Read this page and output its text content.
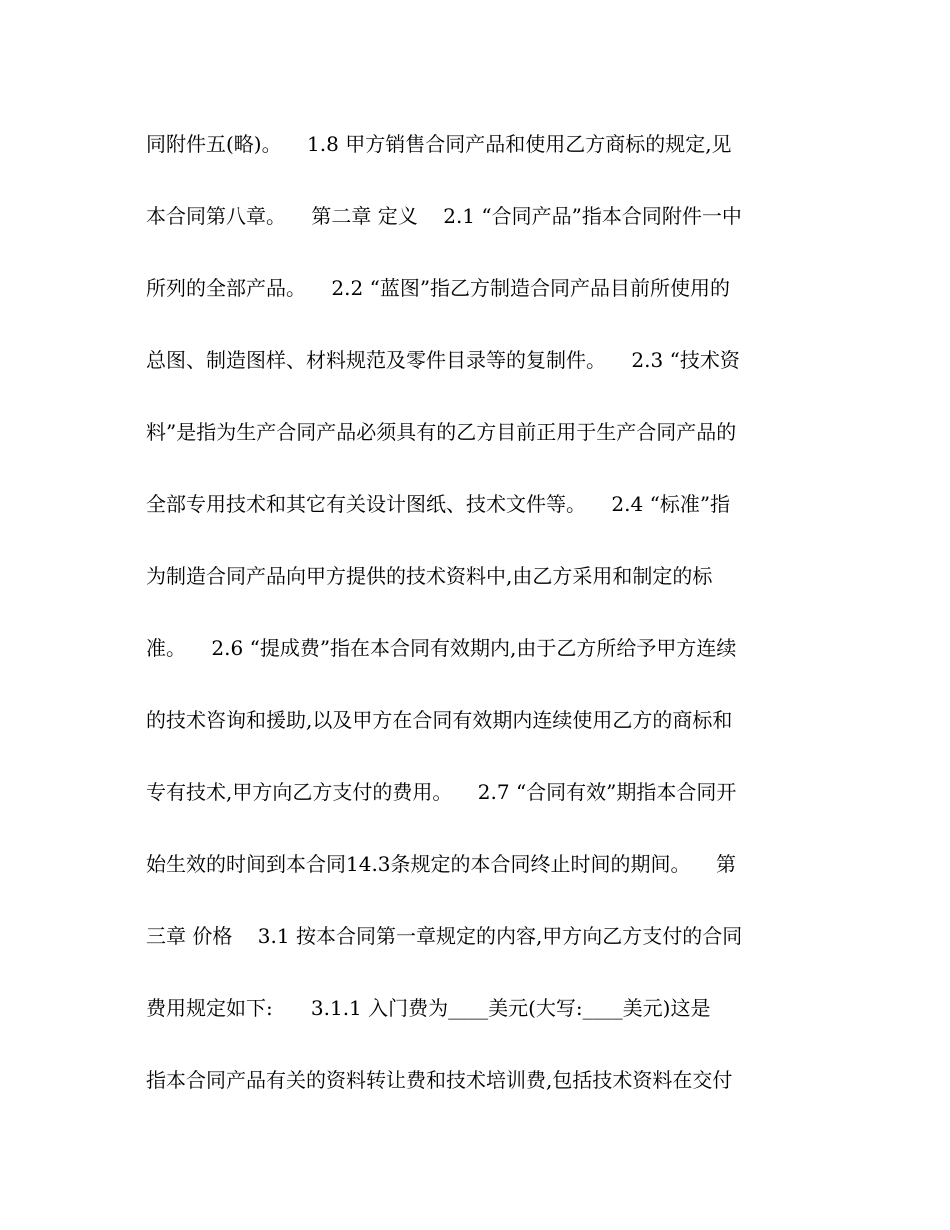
同附件五(略)。    1.8 甲方销售合同产品和使用乙方商标的规定,见
本合同第八章。    第二章 定义    2.1 “合同产品”指本合同附件一中
所列的全部产品。    2.2 “蓝图”指乙方制造合同产品目前所使用的
总图、制造图样、材料规范及零件目录等的复制件。    2.3 “技术资
料”是指为生产合同产品必须具有的乙方目前正用于生产合同产品的
全部专用技术和其它有关设计图纸、技术文件等。    2.4 “标准”指
为制造合同产品向甲方提供的技术资料中,由乙方采用和制定的标
准。    2.6 “提成费”指在本合同有效期内,由于乙方所给予甲方连续
的技术咨询和援助,以及甲方在合同有效期内连续使用乙方的商标和
专有技术,甲方向乙方支付的费用。    2.7 “合同有效”期指本合同开
始生效的时间到本合同14.3条规定的本合同终止时间的期间。    第
三章 价格    3.1 按本合同第一章规定的内容,甲方向乙方支付的合同
费用规定如下:      3.1.1 入门费为____美元(大写:____美元)这是
指本合同产品有关的资料转让费和技术培训费,包括技术资料在交付
